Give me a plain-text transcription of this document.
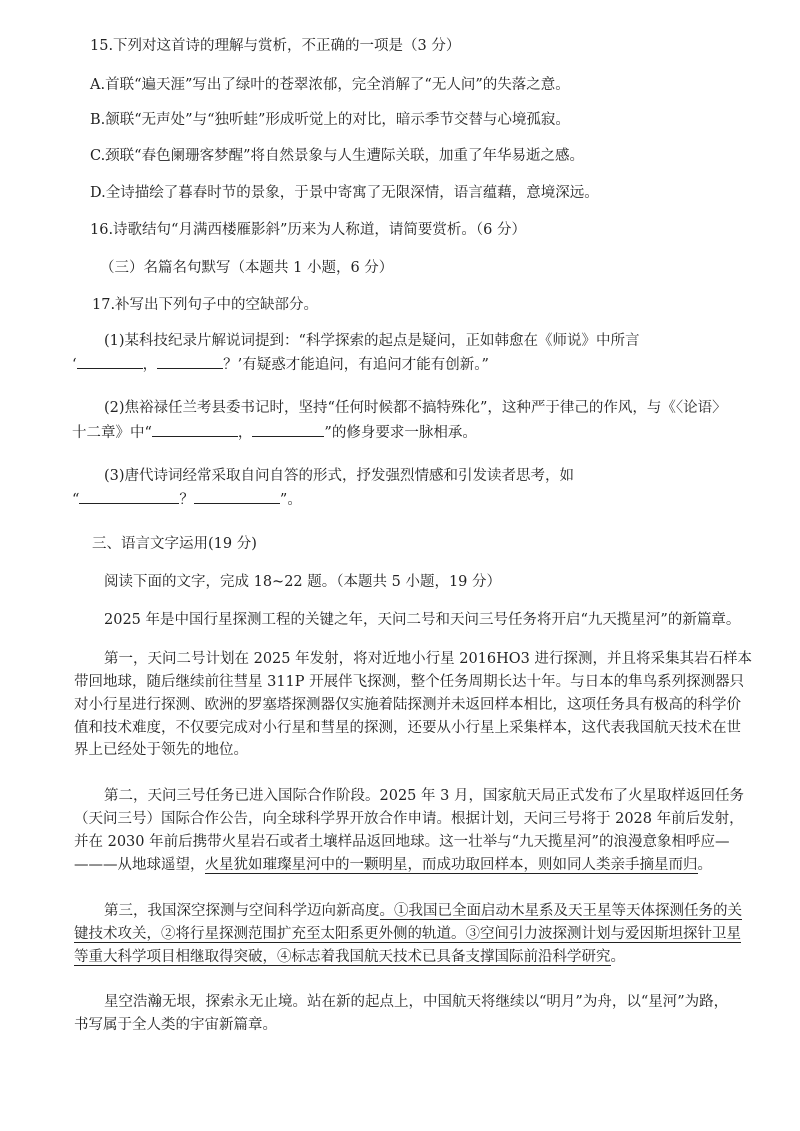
15.下列对这首诗的理解与赏析，不正确的一项是（3 分）
A.首联“遍天涯”写出了绿叶的苍翠浓郁，完全消解了“无人问”的失落之意。
B.颔联“无声处”与“独听蛙”形成听觉上的对比，暗示季节交替与心境孤寂。
C.颈联“春色阑珊客梦醒”将自然景象与人生遭际关联，加重了年华易逝之感。
D.全诗描绘了暮春时节的景象，于景中寄寓了无限深情，语言蕴藉，意境深远。
16.诗歌结句“月满西楼雁影斜”历来为人称道，请简要赏析。（6 分）
（三）名篇名句默写（本题共 1 小题，6 分）
17.补写出下列句子中的空缺部分。
(1)某科技纪录片解说词提到：“科学探索的起点是疑问，正如韩愈在《师说》中所言
‘	，	？’有疑惑才能追问，有追问才能有创新。”
(2)焦裕禄任兰考县委书记时，坚持“任何时候都不搞特殊化”，这种严于律己的作风，与《〈论语〉
十二章》中“	，	”的修身要求一脉相承。
(3)唐代诗词经常采取自问自答的形式，抒发强烈情感和引发读者思考，如
“	？	”。
三、语言文字运用(19 分)
阅读下面的文字，完成 18~22 题。（本题共 5 小题，19 分）
2025 年是中国行星探测工程的关键之年，天问二号和天问三号任务将开启“九天揽星河”的新篇章。
第一，天问二号计划在 2025 年发射，将对近地小行星 2016HO3 进行探测，并且将采集其岩石样本
带回地球，随后继续前往彗星 311P 开展伴飞探测，整个任务周期长达十年。与日本的隼鸟系列探测器只
对小行星进行探测、欧洲的罗塞塔探测器仅实施着陆探测并未返回样本相比，这项任务具有极高的科学价
值和技术难度，不仅要完成对小行星和彗星的探测，还要从小行星上采集样本，这代表我国航天技术在世
界上已经处于领先的地位。
第二，天问三号任务已进入国际合作阶段。2025 年 3 月，国家航天局正式发布了火星取样返回任务
（天问三号）国际合作公告，向全球科学界开放合作申请。根据计划，天问三号将于 2028 年前后发射，
并在 2030 年前后携带火星岩石或者土壤样品返回地球。这一壮举与“九天揽星河”的浪漫意象相呼应—
———从地球遥望，火星犹如璀璨星河中的一颗明星，而成功取回样本，则如同人类亲手摘星而归。
第三，我国深空探测与空间科学迈向新高度。①我国已全面启动木星系及天王星等天体探测任务的关
键技术攻关，②将行星探测范围扩充至太阳系更外侧的轨道。③空间引力波探测计划与爱因斯坦探针卫星
等重大科学项目相继取得突破，④标志着我国航天技术已具备支撑国际前沿科学研究。
星空浩瀚无垠，探索永无止境。站在新的起点上，中国航天将继续以“明月”为舟，以“星河”为路，
书写属于全人类的宇宙新篇章。
